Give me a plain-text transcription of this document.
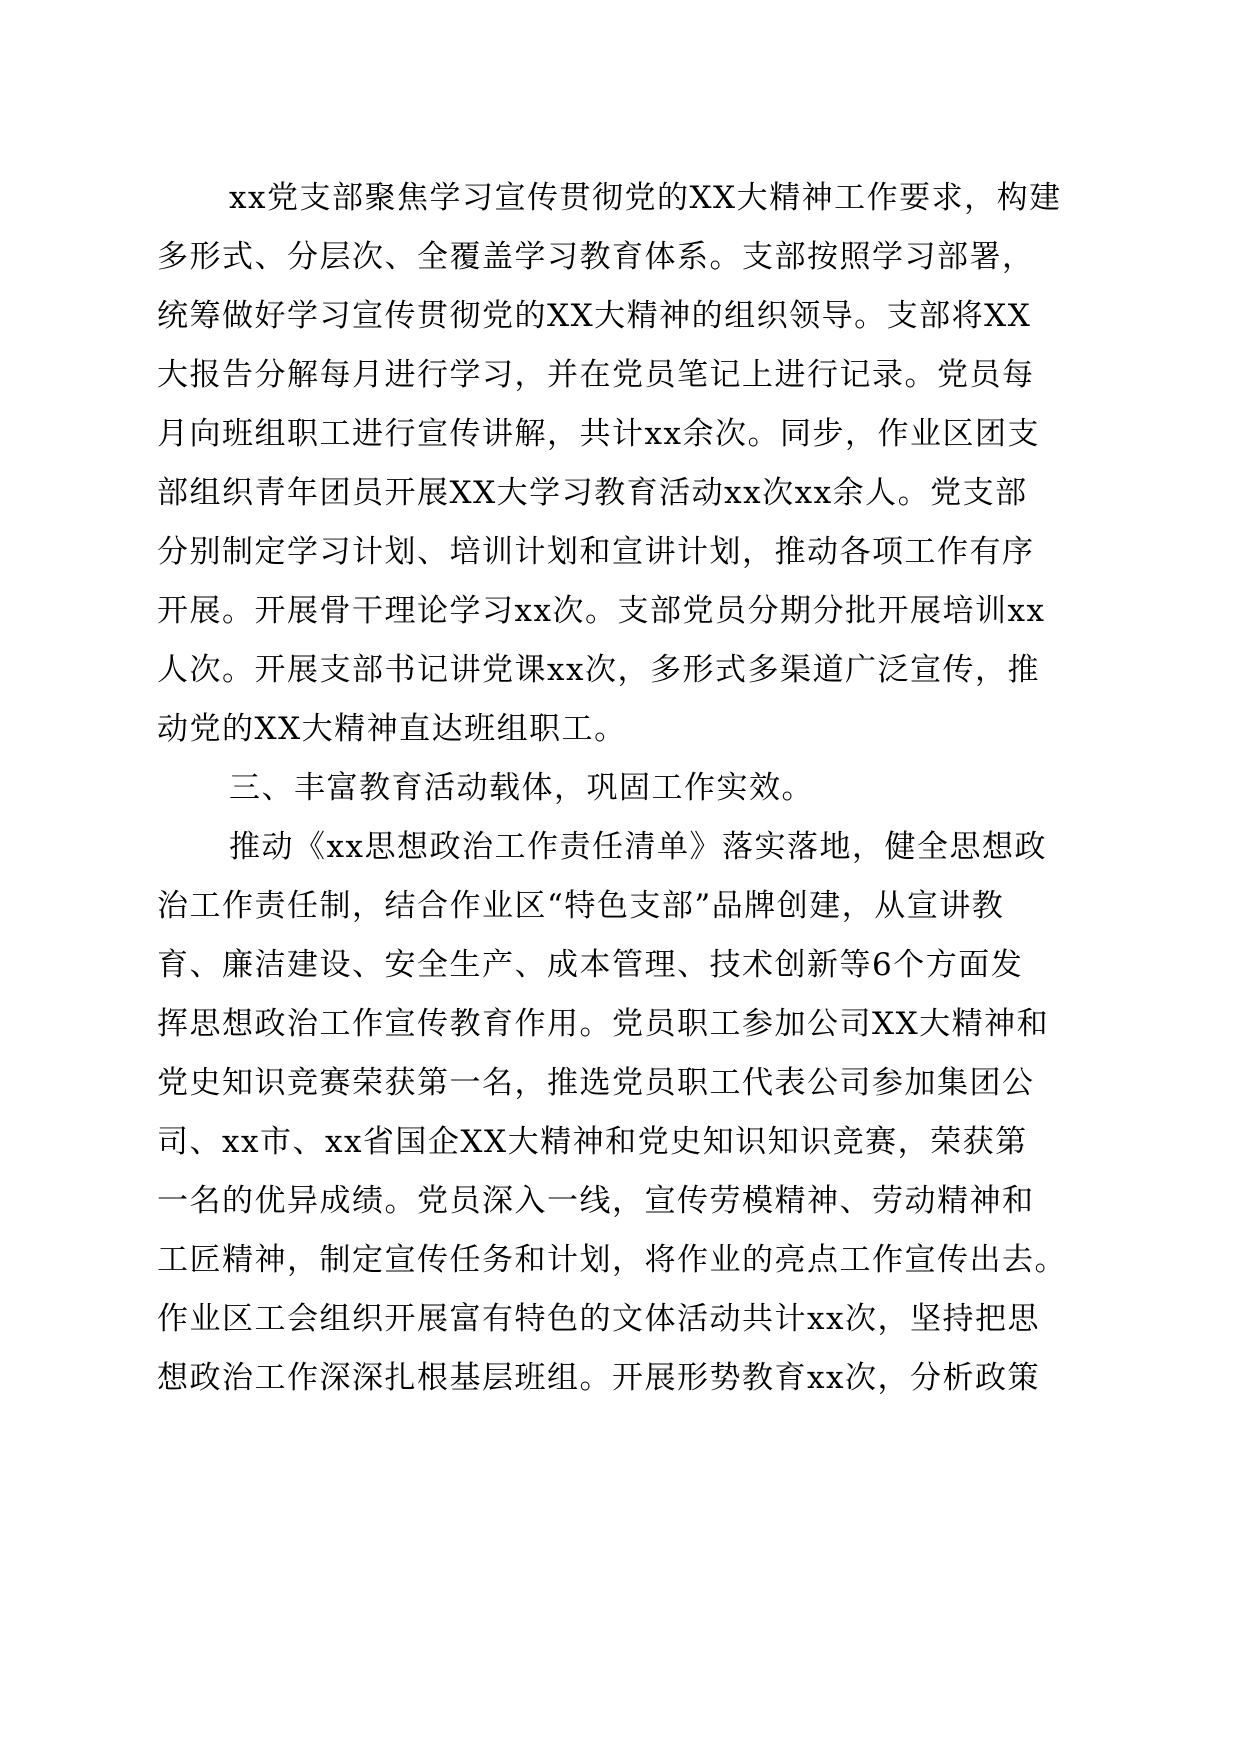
xx党支部聚焦学习宣传贯彻党的XX大精神工作要求，构建
多形式、分层次、全覆盖学习教育体系。支部按照学习部署，
统筹做好学习宣传贯彻党的XX大精神的组织领导。支部将XX
大报告分解每月进行学习，并在党员笔记上进行记录。党员每
月向班组职工进行宣传讲解，共计xx余次。同步，作业区团支
部组织青年团员开展XX大学习教育活动xx次xx余人。党支部
分别制定学习计划、培训计划和宣讲计划，推动各项工作有序
开展。开展骨干理论学习xx次。支部党员分期分批开展培训xx
人次。开展支部书记讲党课xx次，多形式多渠道广泛宣传，推
动党的XX大精神直达班组职工。
三、丰富教育活动载体，巩固工作实效。
推动《xx思想政治工作责任清单》落实落地，健全思想政
治工作责任制，结合作业区“特色支部”品牌创建，从宣讲教
育、廉洁建设、安全生产、成本管理、技术创新等6个方面发
挥思想政治工作宣传教育作用。党员职工参加公司XX大精神和
党史知识竞赛荣获第一名，推选党员职工代表公司参加集团公
司、xx市、xx省国企XX大精神和党史知识知识竞赛，荣获第
一名的优异成绩。党员深入一线，宣传劳模精神、劳动精神和
工匠精神，制定宣传任务和计划，将作业的亮点工作宣传出去。
作业区工会组织开展富有特色的文体活动共计xx次，坚持把思
想政治工作深深扎根基层班组。开展形势教育xx次，分析政策
